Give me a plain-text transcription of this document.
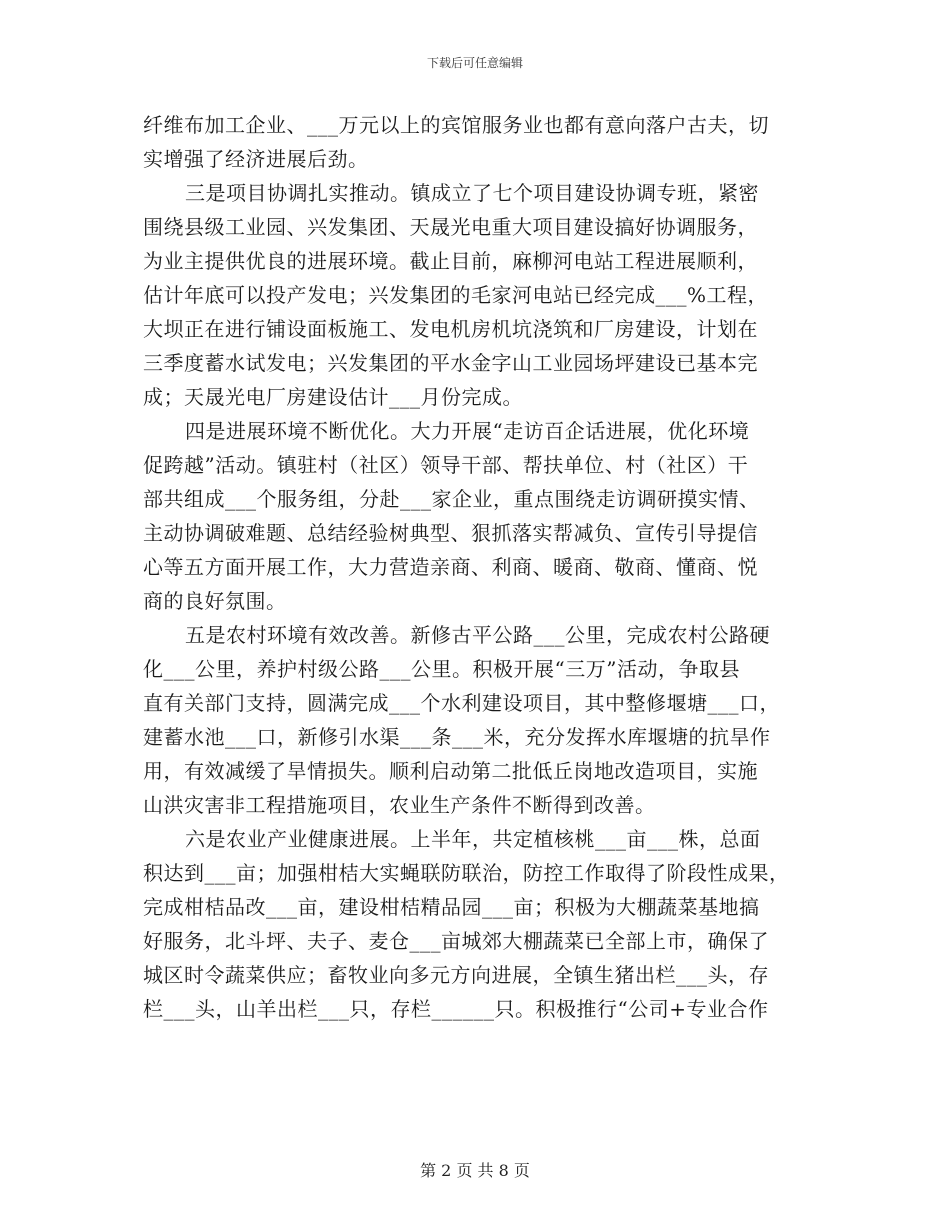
下载后可任意编辑
纤维布加工企业、___万元以上的宾馆服务业也都有意向落户古夫，切
实增强了经济进展后劲。
三是项目协调扎实推动。镇成立了七个项目建设协调专班，紧密
围绕县级工业园、兴发集团、天晟光电重大项目建设搞好协调服务，
为业主提供优良的进展环境。截止目前，麻柳河电站工程进展顺利，
估计年底可以投产发电；兴发集团的毛家河电站已经完成___%工程，
大坝正在进行铺设面板施工、发电机房机坑浇筑和厂房建设，计划在
三季度蓄水试发电；兴发集团的平水金字山工业园场坪建设已基本完
成；天晟光电厂房建设估计___月份完成。
四是进展环境不断优化。大力开展“走访百企话进展，优化环境
促跨越”活动。镇驻村（社区）领导干部、帮扶单位、村（社区）干
部共组成___个服务组，分赴___家企业，重点围绕走访调研摸实情、
主动协调破难题、总结经验树典型、狠抓落实帮减负、宣传引导提信
心等五方面开展工作，大力营造亲商、利商、暖商、敬商、懂商、悦
商的良好氛围。
五是农村环境有效改善。新修古平公路___公里，完成农村公路硬
化___公里，养护村级公路___公里。积极开展“三万”活动，争取县
直有关部门支持，圆满完成___个水利建设项目，其中整修堰塘___口，
建蓄水池___口，新修引水渠___条___米，充分发挥水库堰塘的抗旱作
用，有效减缓了旱情损失。顺利启动第二批低丘岗地改造项目，实施
山洪灾害非工程措施项目，农业生产条件不断得到改善。
六是农业产业健康进展。上半年，共定植核桃___亩___株，总面
积达到___亩；加强柑桔大实蝇联防联治，防控工作取得了阶段性成果，
完成柑桔品改___亩，建设柑桔精品园___亩；积极为大棚蔬菜基地搞
好服务，北斗坪、夫子、麦仓___亩城郊大棚蔬菜已全部上市，确保了
城区时令蔬菜供应；畜牧业向多元方向进展，全镇生猪出栏___头，存
栏___头，山羊出栏___只，存栏______只。积极推行“公司+专业合作
第 2 页 共 8 页
